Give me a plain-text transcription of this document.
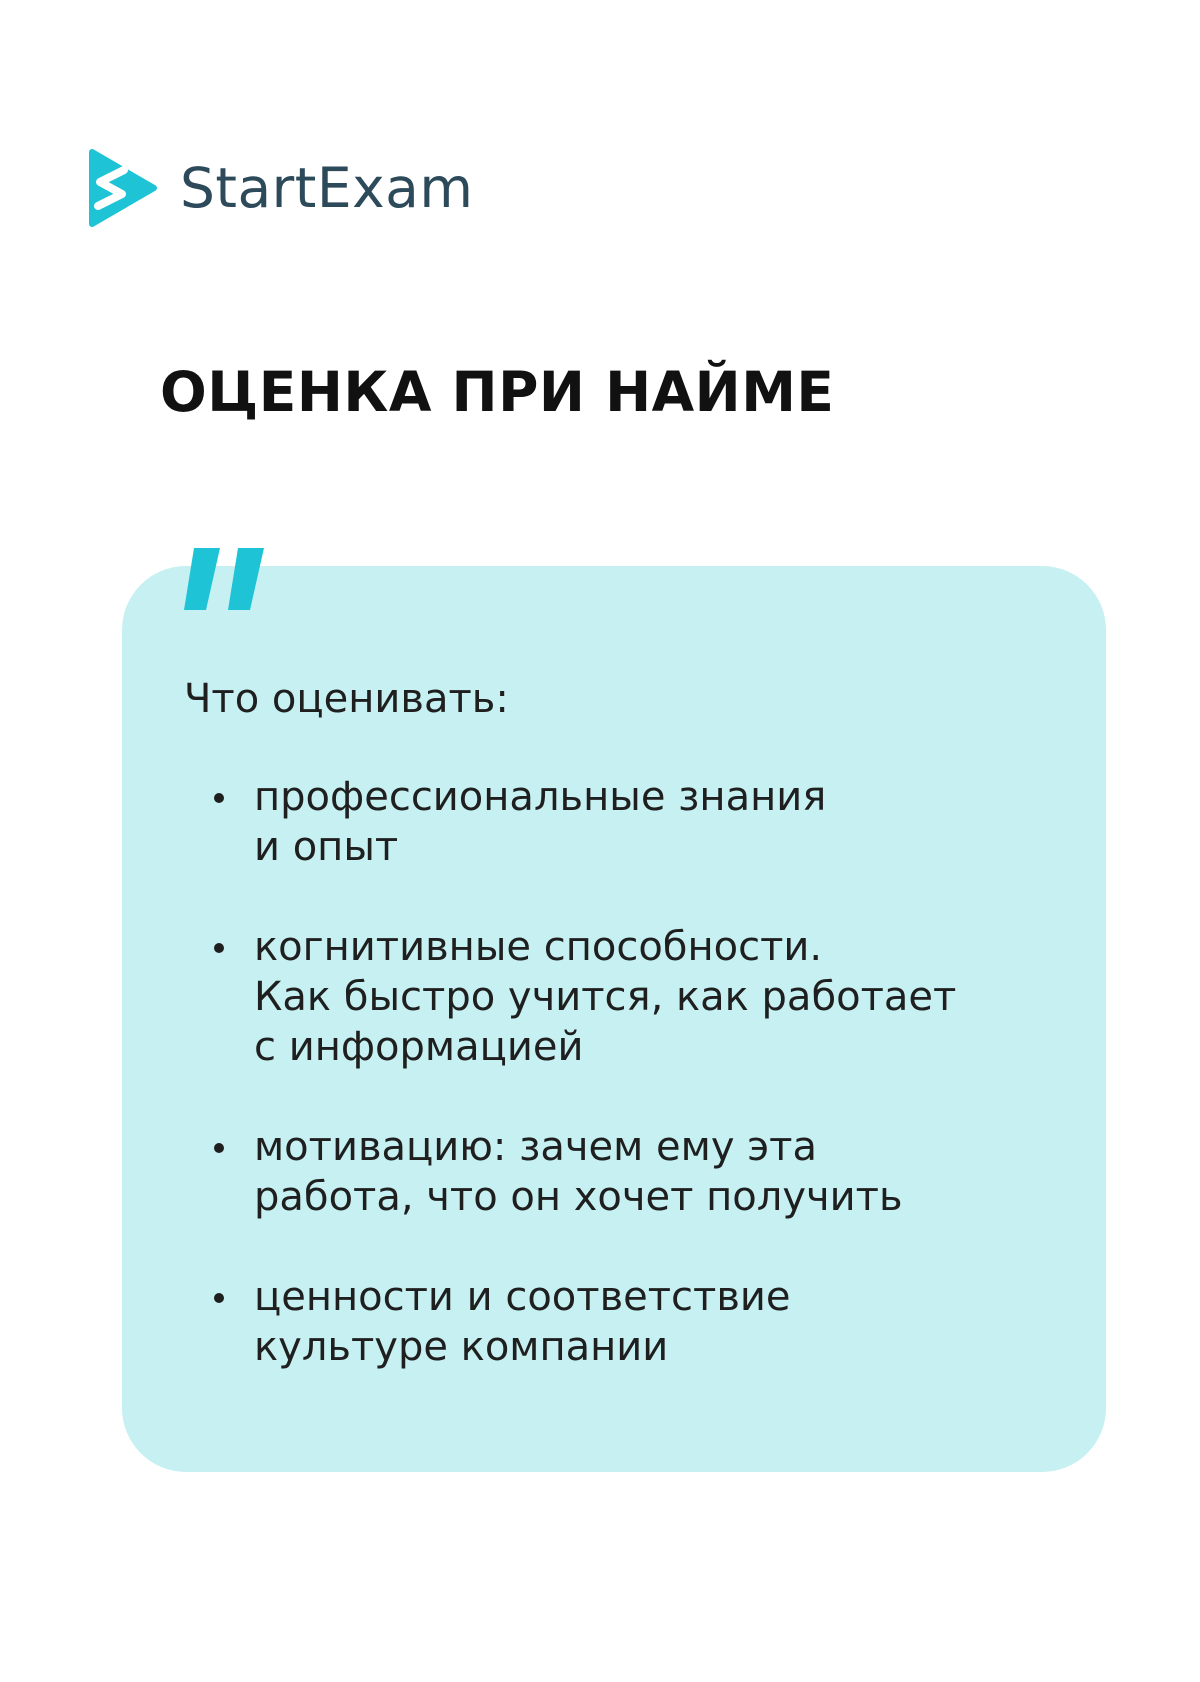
StartExam
ОЦЕНКА ПРИ НАЙМЕ

Что оценивать:

профессиональные знания
и опыт
когнитивные способности.
Как быстро учится, как работает
с информацией
мотивацию: зачем ему эта
работа, что он хочет получить
ценности и соответствие
культуре компании
